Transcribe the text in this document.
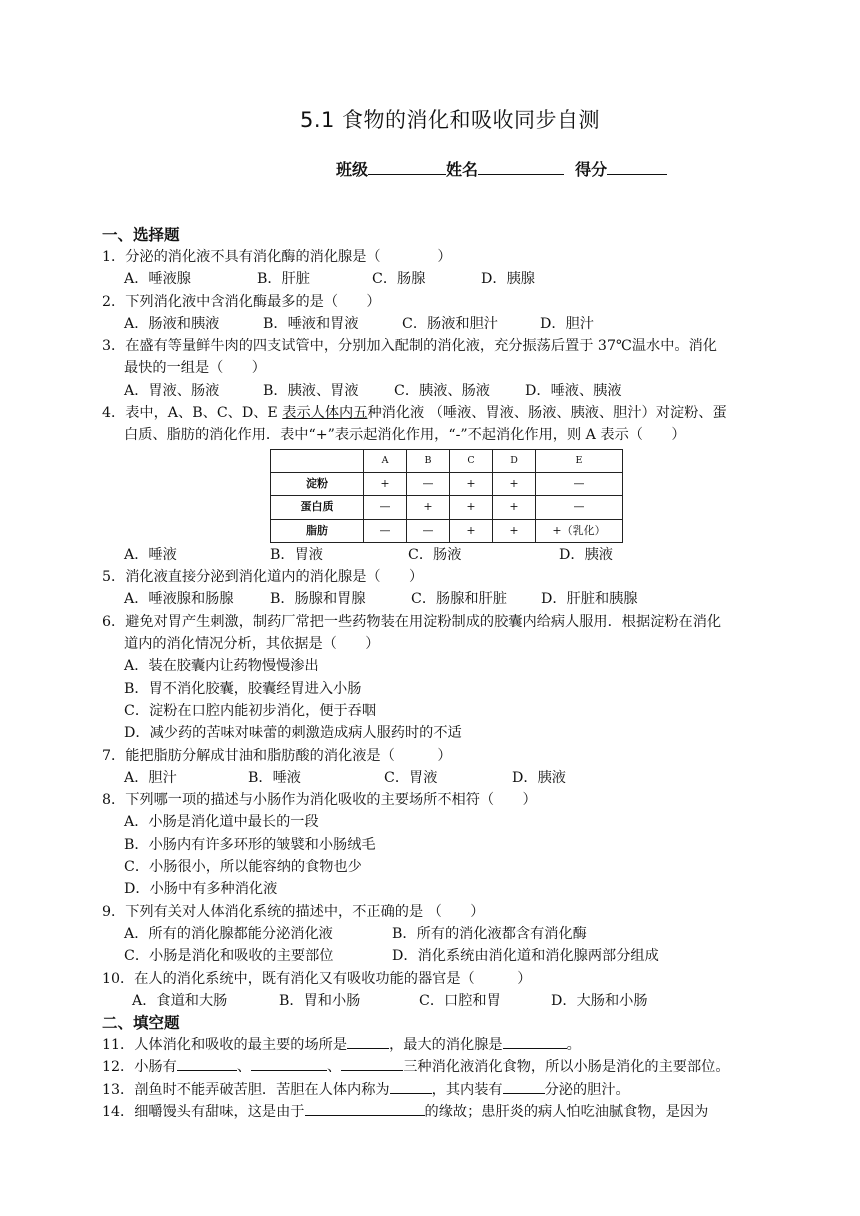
5.1 食物的消化和吸收同步自测
班级	姓名	得分
一、选择题
1．分泌的消化液不具有消化酶的消化腺是（　　　　）
A．唾液腺	B．肝脏	C．肠腺	D．胰腺
2．下列消化液中含消化酶最多的是（　　）
A．肠液和胰液	B．唾液和胃液	C．肠液和胆汁	D．胆汁
3．在盛有等量鲜牛肉的四支试管中，分别加入配制的消化液，充分振荡后置于 37℃温水中。消化
最快的一组是（　　）
A．胃液、肠液	B．胰液、胃液	C．胰液、肠液	D．唾液、胰液
4．表中，A、B、C、D、E 表示人体内五种消化液 （唾液、胃液、肠液、胰液、胆汁）对淀粉、蛋
白质、脂肪的消化作用．表中“+”表示起消化作用，“-”不起消化作用，则 A 表示（　　）
	A	B	C	D	E
淀粉	+	—	+	+	—
蛋白质	—	+	+	+	—
脂肪	—	—	+	+	+（乳化）
A．唾液	B．胃液	C．肠液	D．胰液
5．消化液直接分泌到消化道内的消化腺是（　　）
A．唾液腺和肠腺	B．肠腺和胃腺	C．肠腺和肝脏	D．肝脏和胰腺
6．避免对胃产生刺激，制药厂常把一些药物装在用淀粉制成的胶囊内给病人服用．根据淀粉在消化
道内的消化情况分析，其依据是（　　）
A．装在胶囊内让药物慢慢渗出
B．胃不消化胶囊，胶囊经胃进入小肠
C．淀粉在口腔内能初步消化，便于吞咽
D．减少药的苦味对味蕾的刺激造成病人服药时的不适
7．能把脂肪分解成甘油和脂肪酸的消化液是（　　　）
A．胆汁	B．唾液	C．胃液	D．胰液
8．下列哪一项的描述与小肠作为消化吸收的主要场所不相符（　　）
A．小肠是消化道中最长的一段
B．小肠内有许多环形的皱襞和小肠绒毛
C．小肠很小，所以能容纳的食物也少
D．小肠中有多种消化液
9．下列有关对人体消化系统的描述中，不正确的是 （　　）
A．所有的消化腺都能分泌消化液	B．所有的消化液都含有消化酶
C．小肠是消化和吸收的主要部位	D．消化系统由消化道和消化腺两部分组成
10．在人的消化系统中，既有消化又有吸收功能的器官是（　　　）
A．食道和大肠	B．胃和小肠	C．口腔和胃	D．大肠和小肠
二、填空题
11．人体消化和吸收的最主要的场所是	，最大的消化腺是	。
12．小肠有	、	、	三种消化液消化食物，所以小肠是消化的主要部位。
13．剖鱼时不能弄破苦胆．苦胆在人体内称为	，其内装有	分泌的胆汁。
14．细嚼馒头有甜味，这是由于	的缘故；患肝炎的病人怕吃油腻食物，是因为
